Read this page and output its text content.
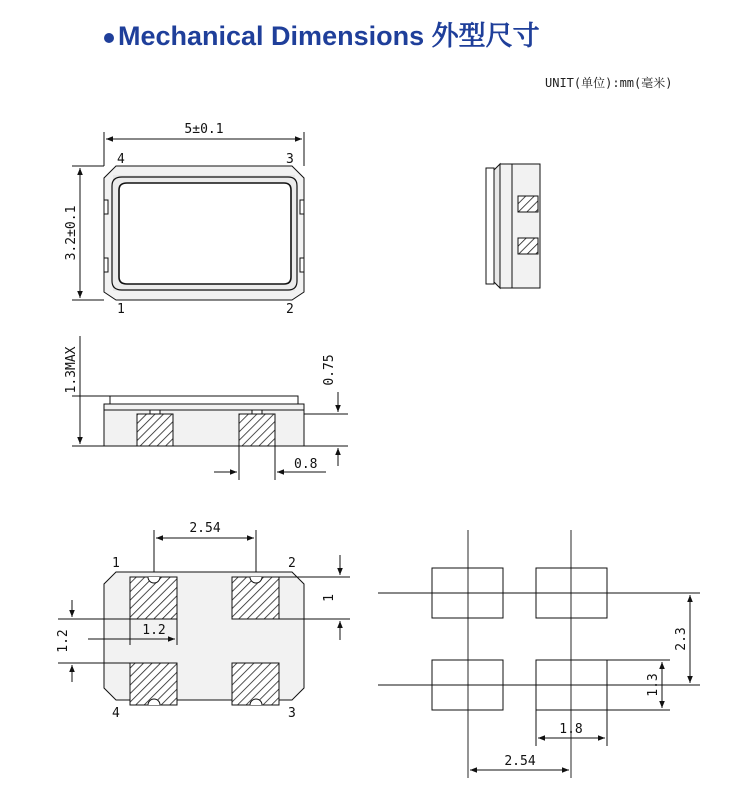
Mechanical Dimensions 外型尺寸
UNIT(单位):mm(毫米)
5±0.1
3.2±0.1
4	3
1	2
1.3MAX	0.75
0.8
2.54
1
1.2
1.2
1	2
4	3
2.3
1.3
1.8
2.54
